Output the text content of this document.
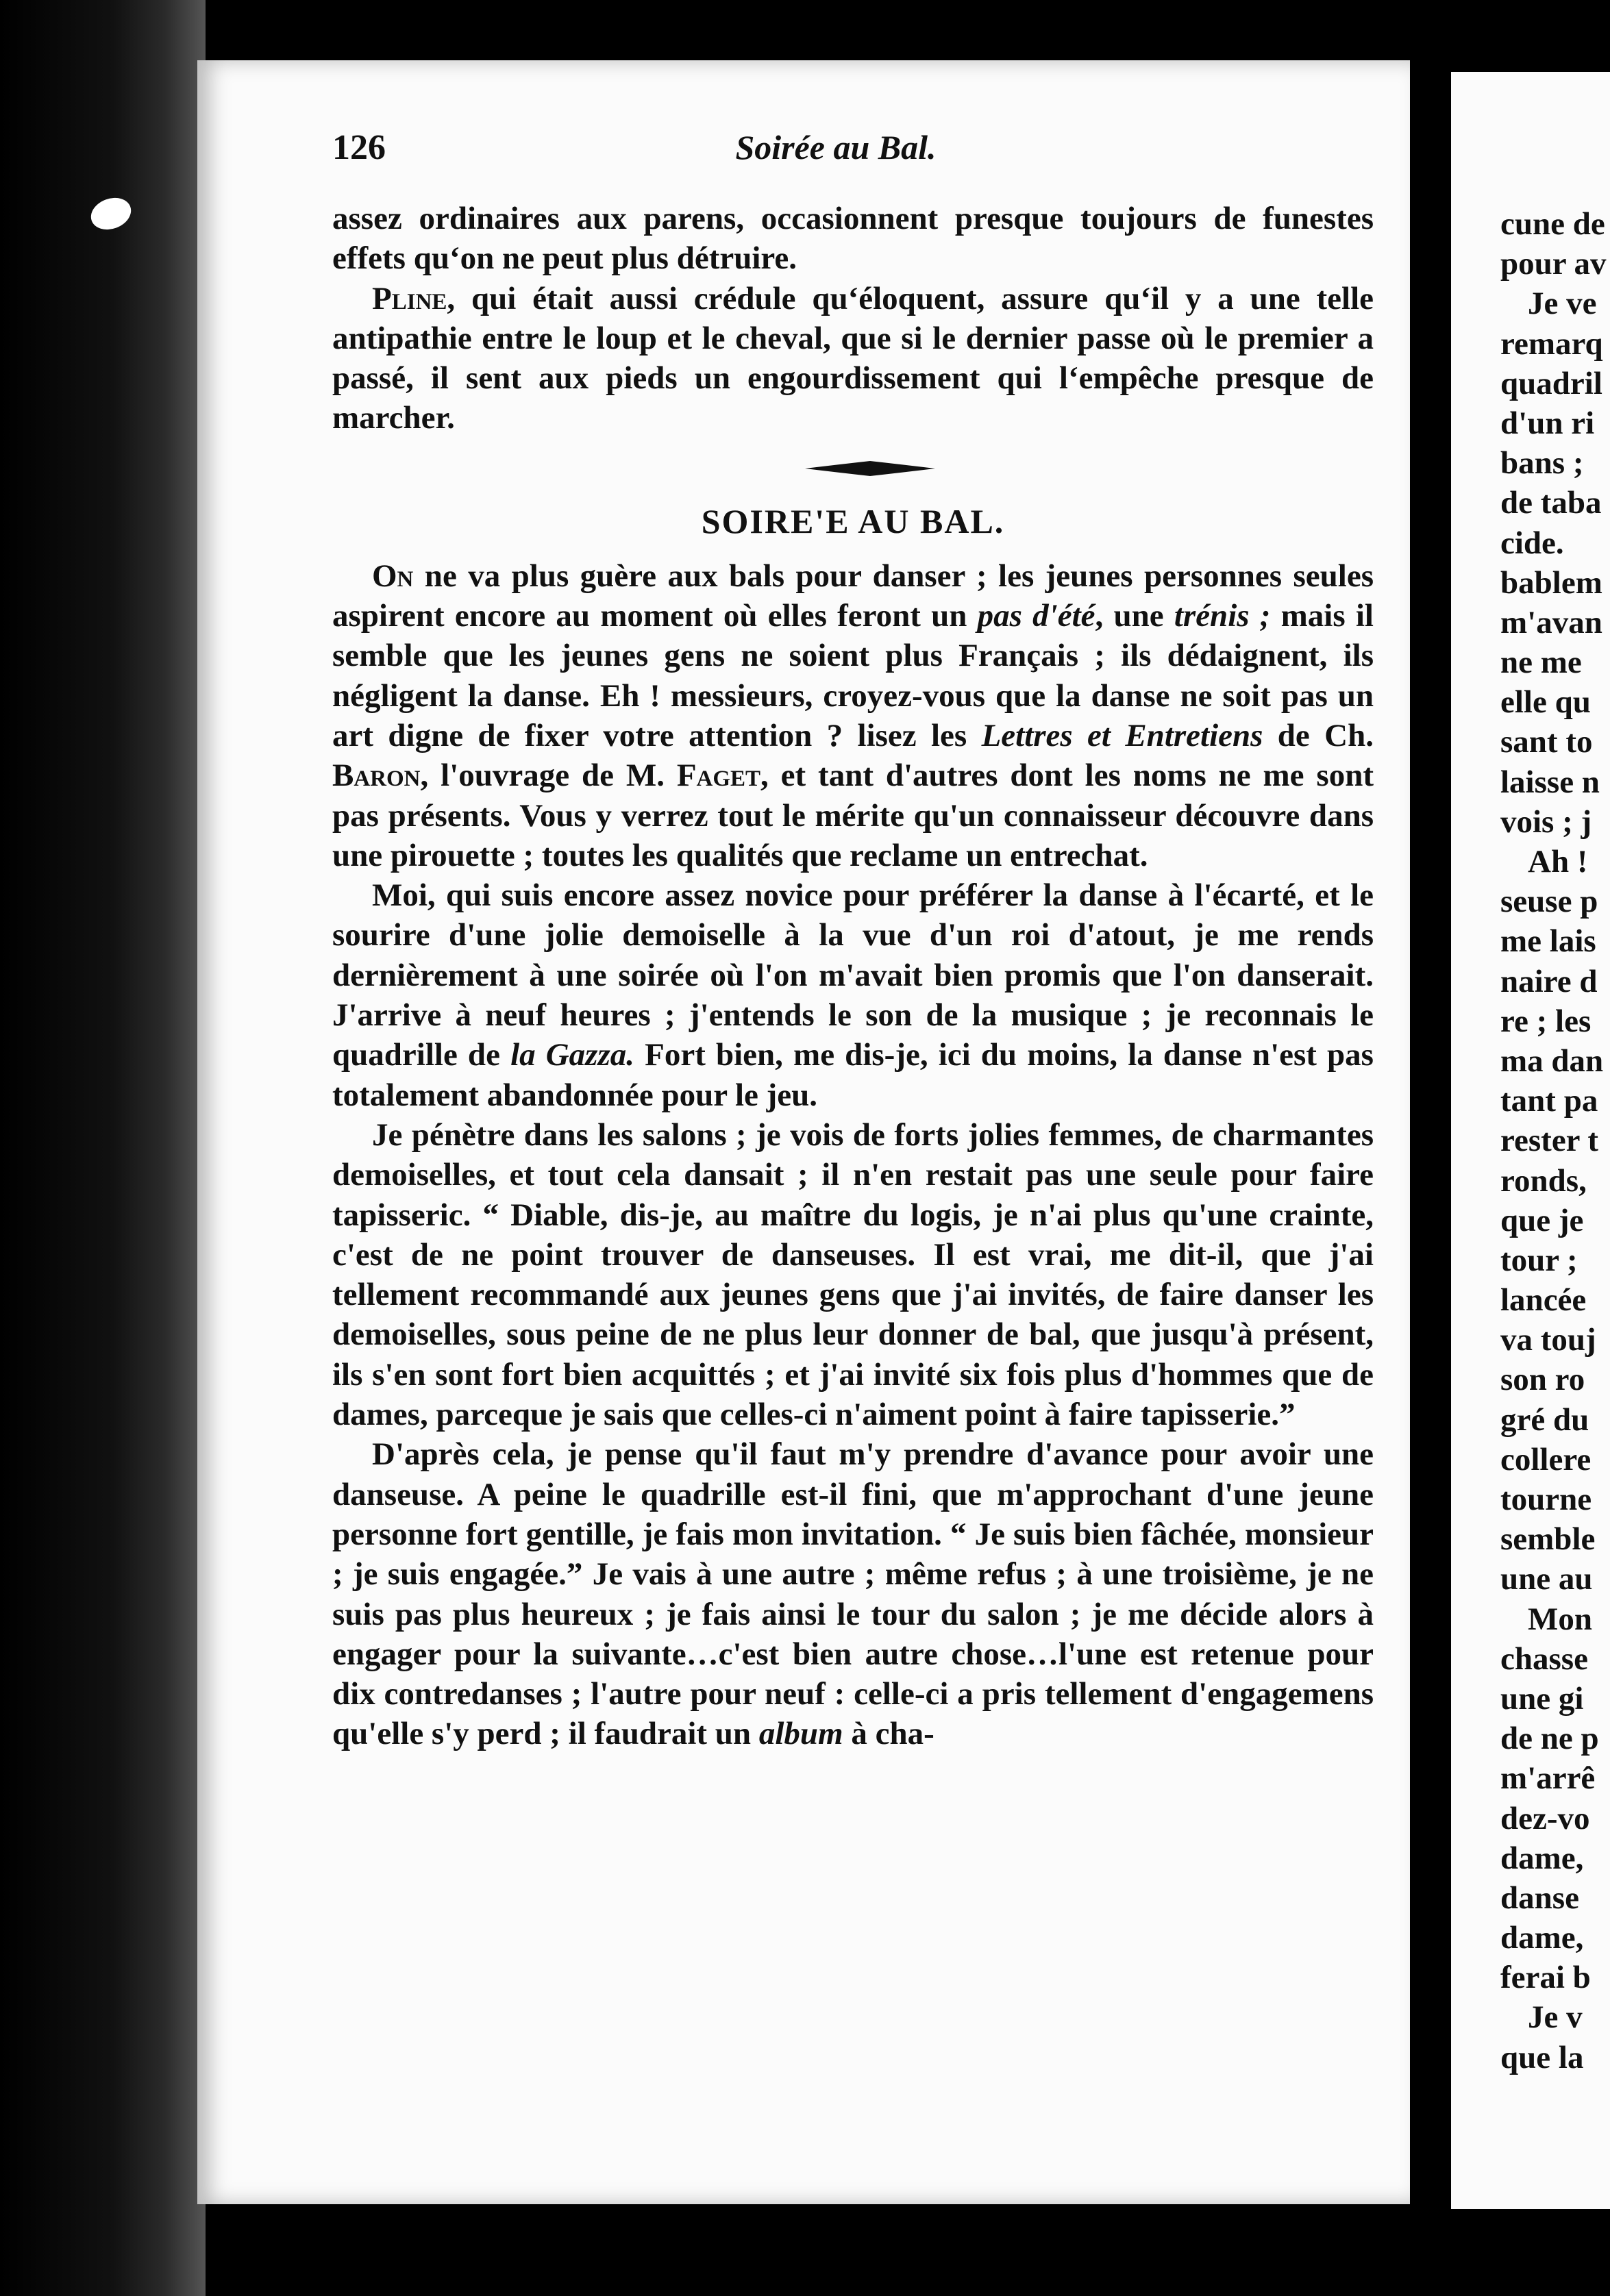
126	Soirée au Bal.

assez ordinaires aux parens, occasionnent presque toujours de funestes effets qu‘on ne peut plus détruire.

Pline, qui était aussi crédule qu‘éloquent, assure qu‘il y a une telle antipathie entre le loup et le cheval, que si le dernier passe où le premier a passé, il sent aux pieds un engourdissement qui l‘empêche presque de marcher.

SOIRE'E AU BAL.

On ne va plus guère aux bals pour danser ; les jeunes personnes seules aspirent encore au moment où elles feront un pas d'été, une trénis ; mais il semble que les jeunes gens ne soient plus Français ; ils dédaignent, ils négligent la danse. Eh ! messieurs, croyez-vous que la danse ne soit pas un art digne de fixer votre attention ? lisez les Lettres et Entretiens de Ch. Baron, l'ouvrage de M. Faget, et tant d'autres dont les noms ne me sont pas présents. Vous y verrez tout le mérite qu'un connaisseur découvre dans une pirouette ; toutes les qualités que reclame un entrechat.

Moi, qui suis encore assez novice pour préférer la danse à l'écarté, et le sourire d'une jolie demoiselle à la vue d'un roi d'atout, je me rends dernièrement à une soirée où l'on m'avait bien promis que l'on danserait. J'arrive à neuf heures ; j'entends le son de la musique ; je reconnais le quadrille de la Gazza. Fort bien, me dis-je, ici du moins, la danse n'est pas totalement abandonnée pour le jeu.

Je pénètre dans les salons ; je vois de forts jolies femmes, de charmantes demoiselles, et tout cela dansait ; il n'en restait pas une seule pour faire tapisseric. “ Diable, dis-je, au maître du logis, je n'ai plus qu'une crainte, c'est de ne point trouver de danseuses. Il est vrai, me dit-il, que j'ai tellement recommandé aux jeunes gens que j'ai invités, de faire danser les demoiselles, sous peine de ne plus leur donner de bal, que jusqu'à présent, ils s'en sont fort bien acquittés ; et j'ai invité six fois plus d'hommes que de dames, parceque je sais que celles-ci n'aiment point à faire tapisserie.”

D'après cela, je pense qu'il faut m'y prendre d'avance pour avoir une danseuse. A peine le quadrille est-il fini, que m'approchant d'une jeune personne fort gentille, je fais mon invitation. “ Je suis bien fâchée, monsieur ; je suis engagée.” Je vais à une autre ; même refus ; à une troisième, je ne suis pas plus heureux ; je fais ainsi le tour du salon ; je me décide alors à engager pour la suivante…c'est bien autre chose…l'une est retenue pour dix contredanses ; l'autre pour neuf : celle-ci a pris tellement d'engagemens qu'elle s'y perd ; il faudrait un album à cha-

cune de
pour av
Je ve
remarq
quadril
d'un ri
bans ;
de taba
cide.
bablem
m'avan
ne me
elle qu
sant to
laisse n
vois ; j
Ah !
seuse p
me lais
naire d
re ; les
ma dan
tant pa
rester t
ronds,
que je
tour ;
lancée
va touj
son ro
gré du
collere
tourne
semble
une au
Mon
chasse
une gi
de ne p
m'arrê
dez-vo
dame,
danse
dame,
ferai b
Je v
que la
